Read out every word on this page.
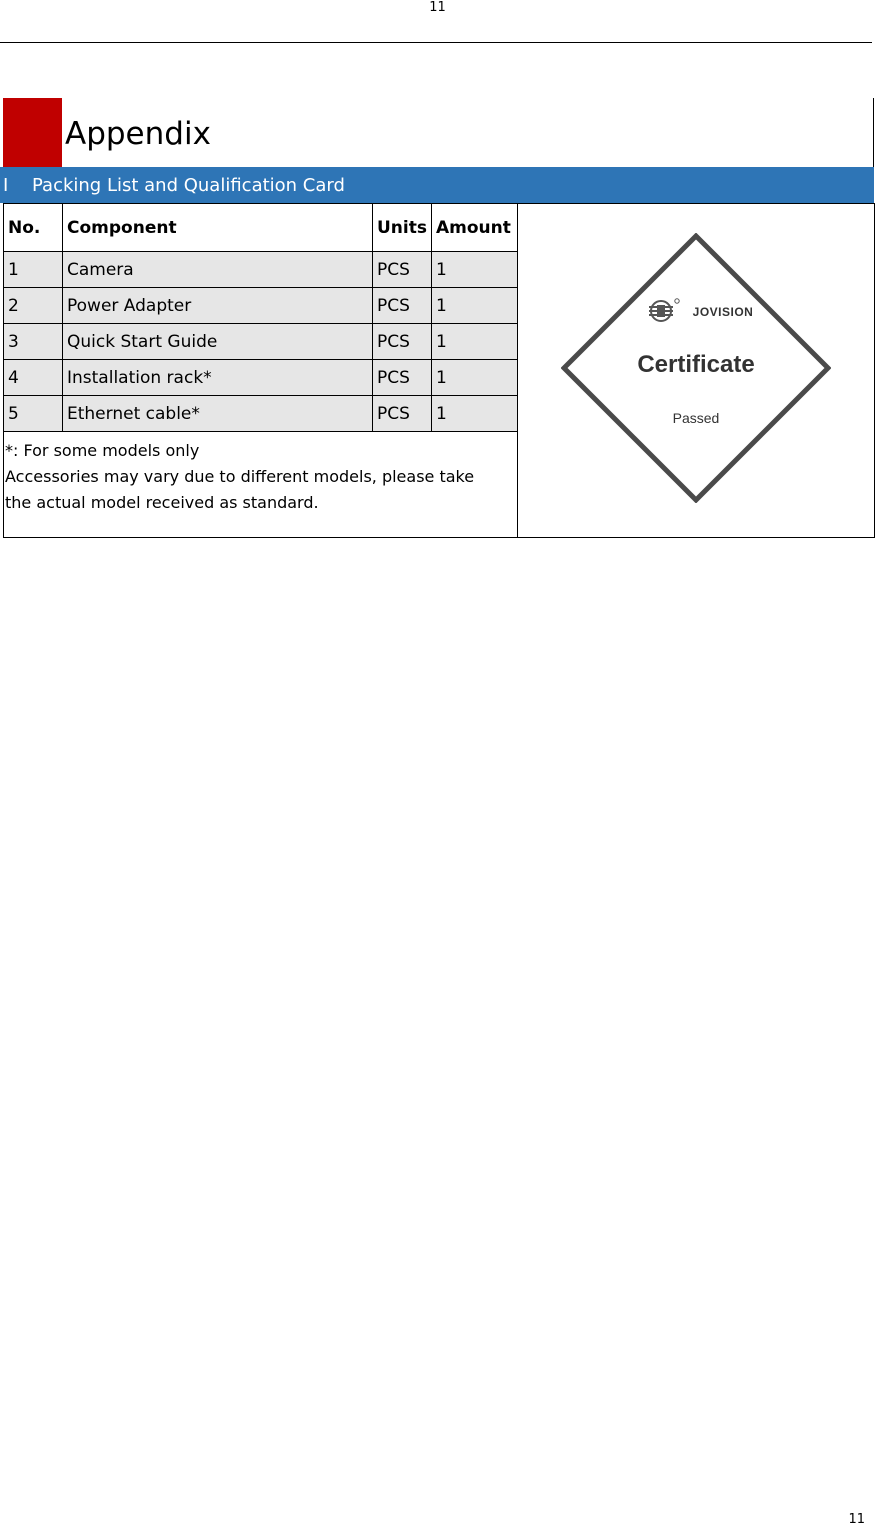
11
Appendix
I Packing List and Qualification Card
No.	Component	Units	Amount	JOVISION
Certificate
Passed

1	Camera	PCS	1	
2	Power Adapter	PCS	1	
3	Quick Start Guide	PCS	1	
4	Installation rack*	PCS	1	
5	Ethernet cable*	PCS	1	

*: For some models only
Accessories may vary due to different models, please take
the actual model received as standard.				
11
